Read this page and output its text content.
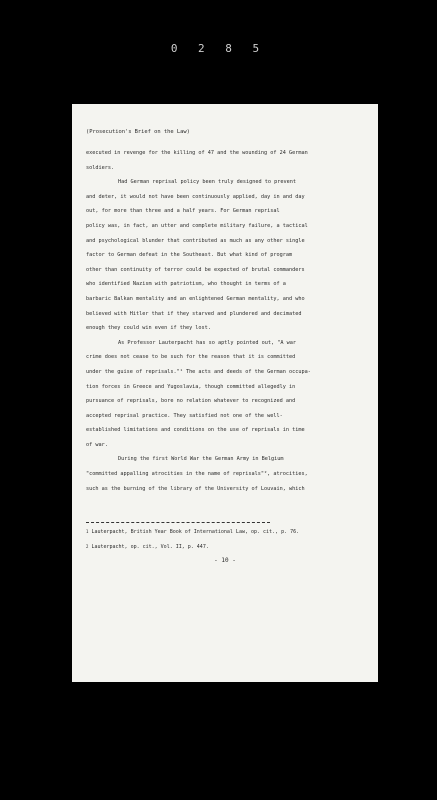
0 2 8 5
(Prosecution's Brief on the Law)
executed in revenge for the killing of 47 and the wounding of 24 German
soldiers.
Had German reprisal policy been truly designed to prevent
and deter, it would not have been continuously applied, day in and day
out, for more than three and a half years. For German reprisal
policy was, in fact, an utter and complete military failure, a tactical
and psychological blunder that contributed as much as any other single
factor to German defeat in the Southeast. But what kind of program
other than continuity of terror could be expected of brutal commanders
who identified Nazism with patriotism, who thought in terms of a
barbaric Balkan mentality and an enlightened German mentality, and who
believed with Hitler that if they starved and plundered and decimated
enough they could win even if they lost.
As Professor Lauterpacht has so aptly pointed out, "A war
crime does not cease to be such for the reason that it is committed
under the guise of reprisals."¹ The acts and deeds of the German occupa-
tion forces in Greece and Yugoslavia, though committed allegedly in
pursuance of reprisals, bore no relation whatever to recognized and
accepted reprisal practice. They satisfied not one of the well-
established limitations and conditions on the use of reprisals in time
of war.
During the first World War the German Army in Belgium
"committed appalling atrocities in the name of reprisals"², atrocities,
such as the burning of the library of the University of Louvain, which
$^1$ Lauterpacht, British Year Book of International Law, op. cit., p. 76.
$^2$ Lauterpacht, op. cit., Vol. II, p. 447.
- 10 -
